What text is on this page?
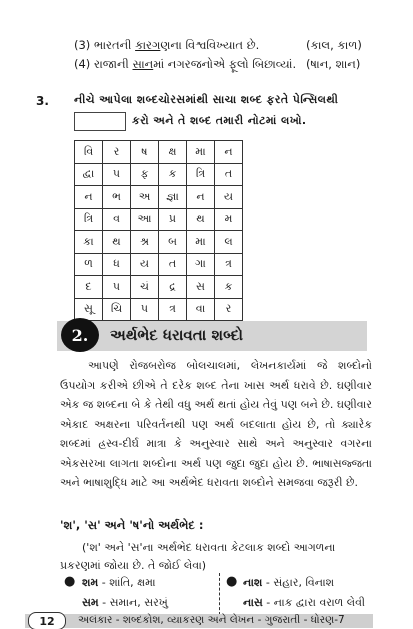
(3) ભારતની કારગણના વિશ્વવિખ્યાત છે.	(કાલ, કાળ)
(4) રાજાની સાનમાં નગરજનોએ ફૂલો બિછાવ્યાં. (ષાન, શાન)
3. નીચે આપેલા શબ્દચોરસમાંથી સાચા શબ્દ ફરતે પેન્સિલથી
કરો અને તે શબ્દ તમારી નોટમાં લખો.
વિ	ર	ષ	ક્ષ	મા	ન
દ્વા	પ	ફ	ક	ત્રિ	ત
ન	ભ	અ	જ્ઞા	ન	ય
ત્રિ	વ	આ	પ્ર	થ	મ
કા	થ	શ્ર	બ	મા	લ
ળ	ધ	ય	ત	ગા	ત્ર
દ	પ	ચં	દ્ર	સ	ક
સૂ	ચિ	પ	ત્ર	વા	ર
2.	અર્થભેદ ધરાવતા શબ્દો

આપણે રોજબરોજ બોલચાલમાં, લેખનકાર્યમાં જે શબ્દોનો ઉપયોગ કરીએ છીએ તે દરેક શબ્દ તેના ખાસ અર્થ ધરાવે છે. ઘણીવાર એક જ શબ્દના બે કે તેથી વધુ અર્થ થતાં હોય તેવું પણ બને છે. ઘણીવાર એકાદ અક્ષરના પરિવર્તનથી પણ અર્થ બદલાતા હોય છે, તો ક્યારેક શબ્દમાં હ્રસ્વ-દીર્ઘ માત્રા કે અનુસ્વાર સાથે અને અનુસ્વાર વગરના એકસરખા લાગતા શબ્દોના અર્થ પણ જુદા જુદા હોય છે. ભાષાસજ્જતા અને ભાષાશુદ્ધિ માટે આ અર્થભેદ ધરાવતા શબ્દોને સમજવા જરૂરી છે.

'શ', 'સ' અને 'ષ'નો અર્થભેદ :

('શ' અને 'સ'ના અર્થભેદ ધરાવતા કેટલાક શબ્દો આગળના પ્રકરણમાં જોયા છે. તે જોઈ લેવા)

● શમ - શાંતિ, ક્ષમા
સમ - સમાન, સરખું
● નાશ - સંહાર, વિનાશ
નાસ - નાક દ્વારા વરાળ લેવી
12	અલંકાર - શબ્દકોશ, વ્યાકરણ અને લેખન - ગુજરાતી - ધોરણ-7
